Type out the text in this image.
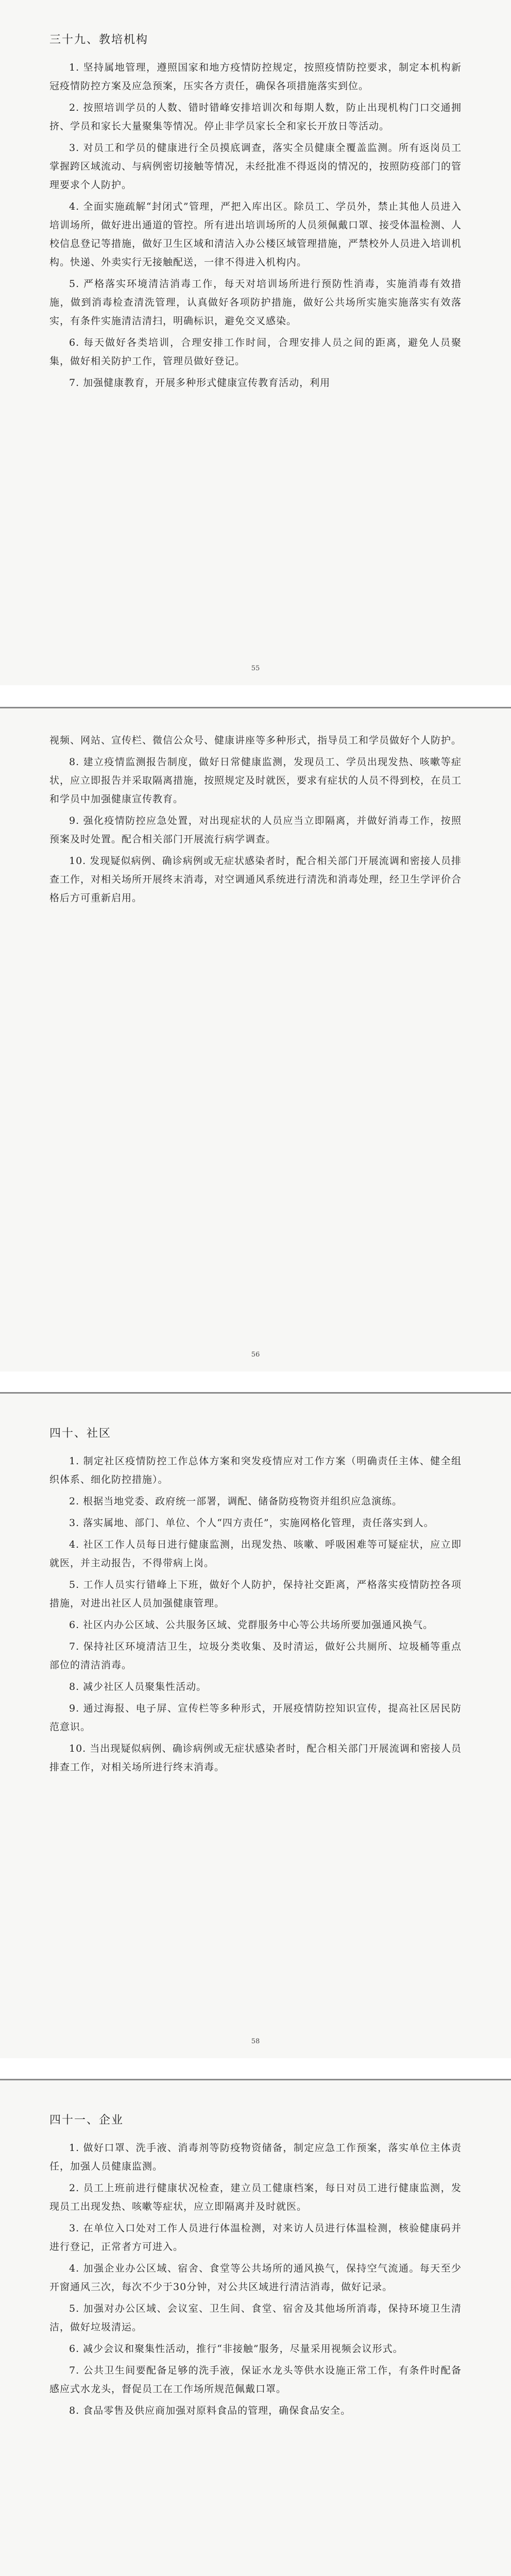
三十九、教培机构

1. 坚持属地管理，遵照国家和地方疫情防控规定，按照疫情防控要求，制定本机构新冠疫情防控方案及应急预案，压实各方责任，确保各项措施落实到位。

2. 按照培训学员的人数、错时错峰安排培训次和每期人数，防止出现机构门口交通拥挤、学员和家长大量聚集等情况。停止非学员家长全和家长开放日等活动。

3. 对员工和学员的健康进行全员摸底调查，落实全员健康全覆盖监测。所有返岗员工掌握跨区域流动、与病例密切接触等情况，未经批准不得返岗的情况的，按照防疫部门的管理要求个人防护。

4. 全面实施疏解“封闭式”管理，严把入库出区。除员工、学员外，禁止其他人员进入培训场所，做好进出通道的管控。所有进出培训场所的人员须佩戴口罩、接受体温检测、人校信息登记等措施，做好卫生区域和清洁入办公楼区域管理措施，严禁校外人员进入培训机构。快递、外卖实行无接触配送，一律不得进入机构内。

5. 严格落实环境清洁消毒工作，每天对培训场所进行预防性消毒，实施消毒有效措施，做到消毒检查清洗管理，认真做好各项防护措施，做好公共场所实施实施落实有效落实，有条件实施清洁清扫，明确标识，避免交叉感染。

6. 每天做好各类培训，合理安排工作时间，合理安排人员之间的距离，避免人员聚集，做好相关防护工作，管理员做好登记。

7. 加强健康教育，开展多种形式健康宣传教育活动，利用

55

视频、网站、宣传栏、微信公众号、健康讲座等多种形式，指导员工和学员做好个人防护。

8. 建立疫情监测报告制度，做好日常健康监测，发现员工、学员出现发热、咳嗽等症状，应立即报告并采取隔离措施，按照规定及时就医，要求有症状的人员不得到校，在员工和学员中加强健康宣传教育。

9. 强化疫情防控应急处置，对出现症状的人员应当立即隔离，并做好消毒工作，按照预案及时处置。配合相关部门开展流行病学调查。

10. 发现疑似病例、确诊病例或无症状感染者时，配合相关部门开展流调和密接人员排查工作，对相关场所开展终末消毒，对空调通风系统进行清洗和消毒处理，经卫生学评价合格后方可重新启用。

56
四十、社区

1. 制定社区疫情防控工作总体方案和突发疫情应对工作方案（明确责任主体、健全组织体系、细化防控措施）。

2. 根据当地党委、政府统一部署，调配、储备防疫物资并组织应急演练。

3. 落实属地、部门、单位、个人“四方责任”，实施网格化管理，责任落实到人。

4. 社区工作人员每日进行健康监测，出现发热、咳嗽、呼吸困难等可疑症状，应立即就医，并主动报告，不得带病上岗。

5. 工作人员实行错峰上下班，做好个人防护，保持社交距离，严格落实疫情防控各项措施，对进出社区人员加强健康管理。

6. 社区内办公区域、公共服务区域、党群服务中心等公共场所要加强通风换气。

7. 保持社区环境清洁卫生，垃圾分类收集、及时清运，做好公共厕所、垃圾桶等重点部位的清洁消毒。

8. 减少社区人员聚集性活动。

9. 通过海报、电子屏、宣传栏等多种形式，开展疫情防控知识宣传，提高社区居民防范意识。

10. 当出现疑似病例、确诊病例或无症状感染者时，配合相关部门开展流调和密接人员排查工作，对相关场所进行终末消毒。

58
四十一、企业

1. 做好口罩、洗手液、消毒剂等防疫物资储备，制定应急工作预案，落实单位主体责任，加强人员健康监测。

2. 员工上班前进行健康状况检查，建立员工健康档案，每日对员工进行健康监测，发现员工出现发热、咳嗽等症状，应立即隔离并及时就医。

3. 在单位入口处对工作人员进行体温检测，对来访人员进行体温检测，核验健康码并进行登记，正常者方可进入。

4. 加强企业办公区域、宿舍、食堂等公共场所的通风换气，保持空气流通。每天至少开窗通风三次，每次不少于30分钟，对公共区域进行清洁消毒，做好记录。

5. 加强对办公区域、会议室、卫生间、食堂、宿舍及其他场所消毒，保持环境卫生清洁，做好垃圾清运。

6. 减少会议和聚集性活动，推行“非接触”服务，尽量采用视频会议形式。

7. 公共卫生间要配备足够的洗手液，保证水龙头等供水设施正常工作，有条件时配备感应式水龙头，督促员工在工作场所规范佩戴口罩。

8. 食品零售及供应商加强对原料食品的管理，确保食品安全。
